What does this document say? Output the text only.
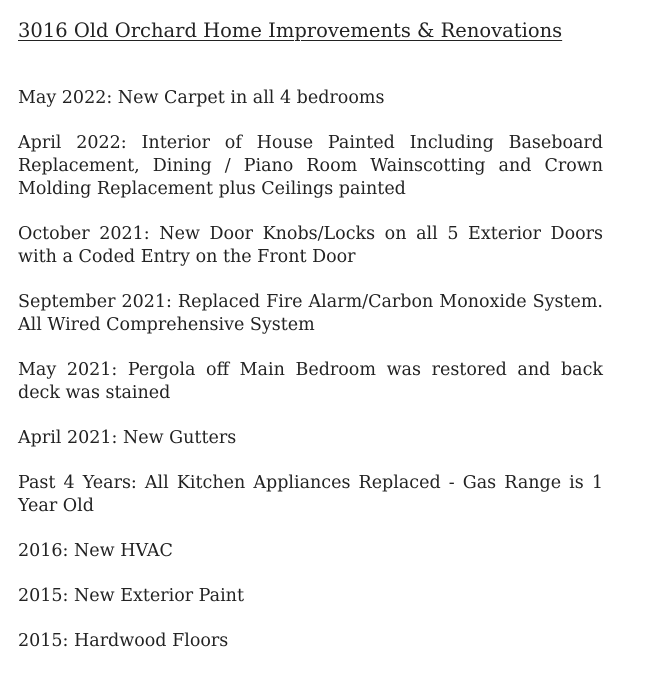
3016 Old Orchard Home Improvements & Renovations

May 2022: New Carpet in all 4 bedrooms

April 2022: Interior of House Painted Including Baseboard Replacement, Dining / Piano Room Wainscotting and Crown Molding Replacement plus Ceilings painted

October 2021: New Door Knobs/Locks on all 5 Exterior Doors with a Coded Entry on the Front Door

September 2021: Replaced Fire Alarm/Carbon Monoxide System. All Wired Comprehensive System

May 2021: Pergola off Main Bedroom was restored and back deck was stained

April 2021: New Gutters

Past 4 Years: All Kitchen Appliances Replaced - Gas Range is 1 Year Old

2016: New HVAC

2015: New Exterior Paint

2015: Hardwood Floors
